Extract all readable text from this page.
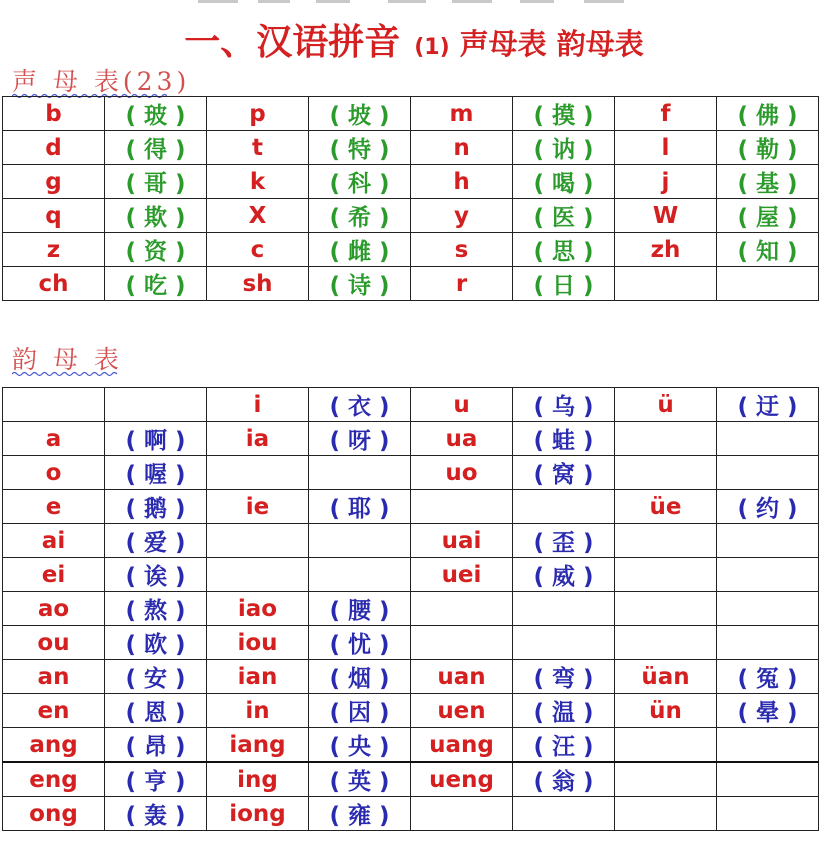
一、汉语拼音 (1) 声母表 韵母表
声 母 表(23)
b	( 玻 )	p	( 坡 )	m	( 摸 )	f	( 佛 )
d	( 得 )	t	( 特 )	n	( 讷 )	l	( 勒 )
g	( 哥 )	k	( 科 )	h	( 喝 )	j	( 基 )
q	( 欺 )	X	( 希 )	y	( 医 )	W	( 屋 )
z	( 资 )	c	( 雌 )	s	( 思 )	zh	( 知 )
ch	( 吃 )	sh	( 诗 )	r	( 日 )		
韵 母 表
		i	( 衣 )	u	( 乌 )	ü	( 迂 )
a	( 啊 )	ia	( 呀 )	ua	( 蛙 )		
o	( 喔 )			uo	( 窝 )		
e	( 鹅 )	ie	( 耶 )			üe	( 约 )
ai	( 爱 )			uai	( 歪 )		
ei	( 诶 )			uei	( 威 )		
ao	( 熬 )	iao	( 腰 )				
ou	( 欧 )	iou	( 忧 )				
an	( 安 )	ian	( 烟 )	uan	( 弯 )	üan	( 冤 )
en	( 恩 )	in	( 因 )	uen	( 温 )	ün	( 晕 )
ang	( 昂 )	iang	( 央 )	uang	( 汪 )		
eng	( 亨 )	ing	( 英 )	ueng	( 翁 )		
ong	( 轰 )	iong	( 雍 )				
